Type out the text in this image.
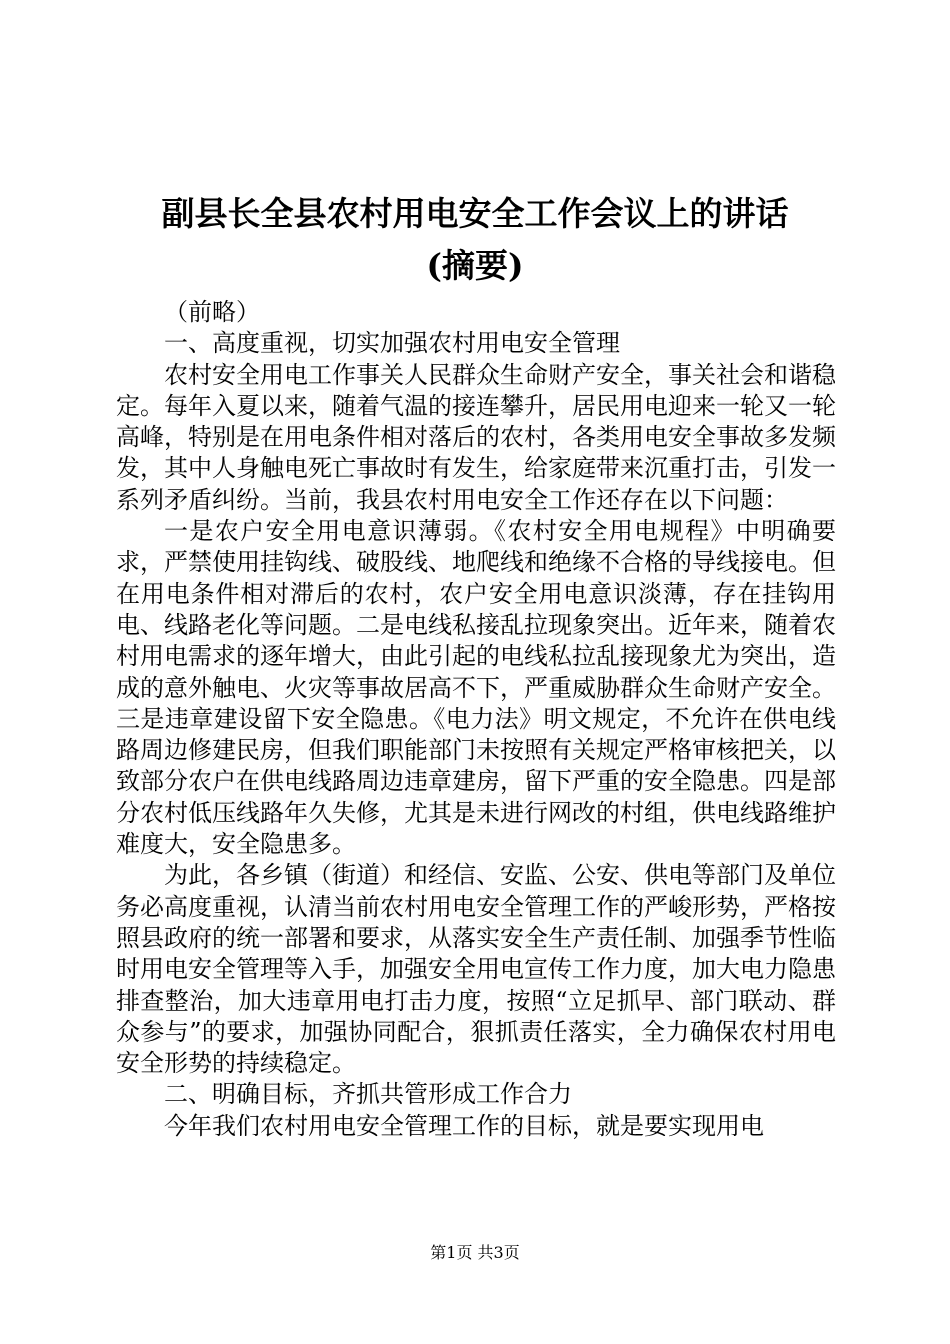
副县长全县农村用电安全工作会议上的讲话
(摘要)

（前略）

一、高度重视，切实加强农村用电安全管理

农村安全用电工作事关人民群众生命财产安全，事关社会和谐稳定。每年入夏以来，随着气温的接连攀升，居民用电迎来一轮又一轮高峰，特别是在用电条件相对落后的农村，各类用电安全事故多发频发，其中人身触电死亡事故时有发生，给家庭带来沉重打击，引发一系列矛盾纠纷。当前，我县农村用电安全工作还存在以下问题：

一是农户安全用电意识薄弱。《农村安全用电规程》中明确要求，严禁使用挂钩线、破股线、地爬线和绝缘不合格的导线接电。但在用电条件相对滞后的农村，农户安全用电意识淡薄，存在挂钩用电、线路老化等问题。二是电线私接乱拉现象突出。近年来，随着农村用电需求的逐年增大，由此引起的电线私拉乱接现象尤为突出，造成的意外触电、火灾等事故居高不下，严重威胁群众生命财产安全。三是违章建设留下安全隐患。《电力法》明文规定，不允许在供电线路周边修建民房，但我们职能部门未按照有关规定严格审核把关，以致部分农户在供电线路周边违章建房，留下严重的安全隐患。四是部分农村低压线路年久失修，尤其是未进行网改的村组，供电线路维护难度大，安全隐患多。

为此，各乡镇（街道）和经信、安监、公安、供电等部门及单位务必高度重视，认清当前农村用电安全管理工作的严峻形势，严格按照县政府的统一部署和要求，从落实安全生产责任制、加强季节性临时用电安全管理等入手，加强安全用电宣传工作力度，加大电力隐患排查整治，加大违章用电打击力度，按照“立足抓早、部门联动、群众参与”的要求，加强协同配合，狠抓责任落实，全力确保农村用电安全形势的持续稳定。

二、明确目标，齐抓共管形成工作合力

今年我们农村用电安全管理工作的目标，就是要实现用电

第1页 共3页
